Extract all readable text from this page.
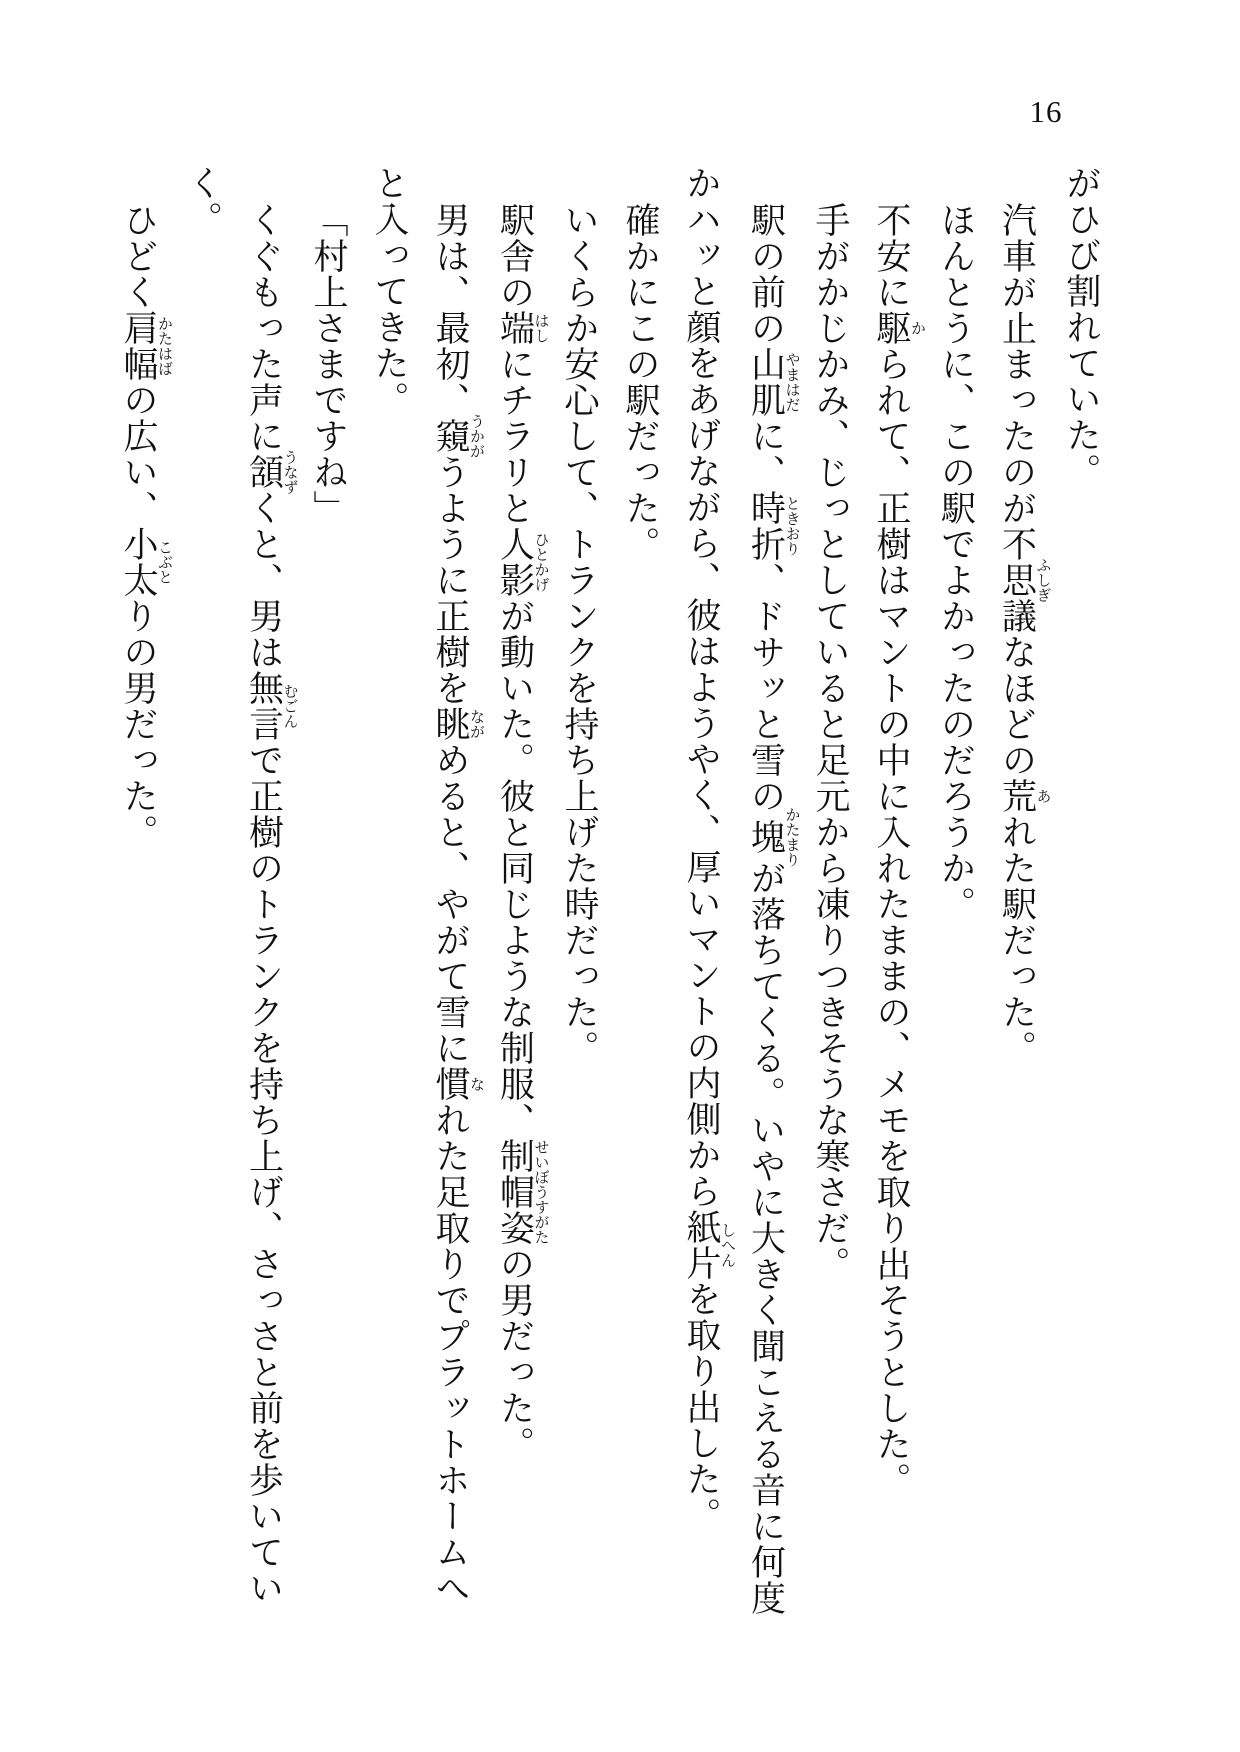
16
がひび割れていた。
汽車が止まったのが不思議ふしぎなほどの荒あれた駅だった。
ほんとうに、この駅でよかったのだろうか。
不安に駆かられて、正樹はマントの中に入れたままの、メモを取り出そうとした。
手がかじかみ、じっとしていると足元から凍りつきそうな寒さだ。
駅の前の山肌やまはだに、時折ときおり、ドサッと雪の塊かたまりが落ちてくる。いやに大きく聞こえる音に何度
かハッと顔をあげながら、彼はようやく、厚いマントの内側から紙片しへんを取り出した。
確かにこの駅だった。
いくらか安心して、トランクを持ち上げた時だった。
駅舎の端はしにチラリと人影ひとかげが動いた。彼と同じような制服、制帽姿せいぼうすがたの男だった。
男は、最初、窺うかがうように正樹を眺ながめると、やがて雪に慣なれた足取りでプラットホームへ
と入ってきた。
「村上さまですね」
くぐもった声に頷うなずくと、男は無言むごんで正樹のトランクを持ち上げ、さっさと前を歩いてい
く。
ひどく肩幅かたはばの広い、小太こぶとりの男だった。
